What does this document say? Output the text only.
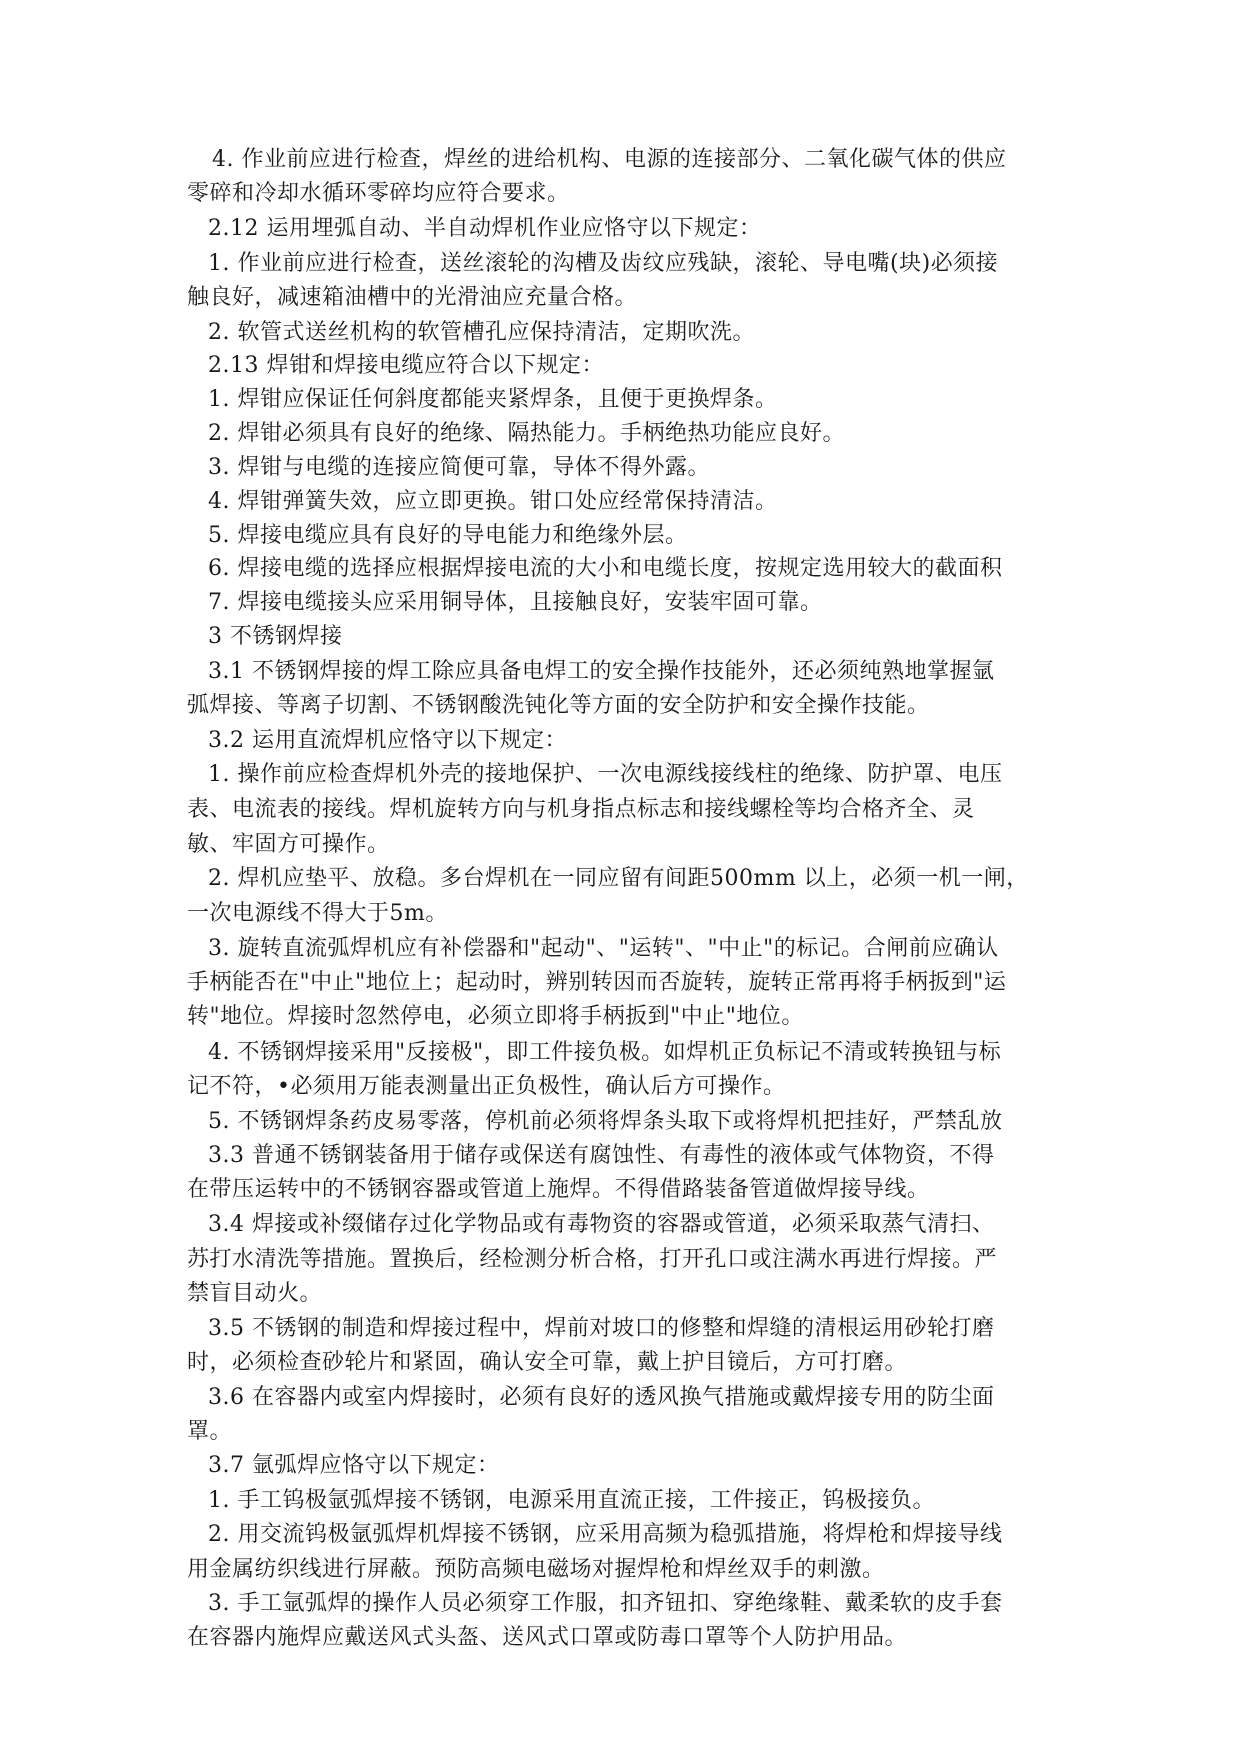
4. 作业前应进行检查，焊丝的进给机构、电源的连接部分、二氧化碳气体的供应
零碎和冷却水循环零碎均应符合要求。
2.12 运用埋弧自动、半自动焊机作业应恪守以下规定：
1. 作业前应进行检查，送丝滚轮的沟槽及齿纹应残缺，滚轮、导电嘴(块)必须接
触良好，减速箱油槽中的光滑油应充量合格。
2. 软管式送丝机构的软管槽孔应保持清洁，定期吹洗。
2.13 焊钳和焊接电缆应符合以下规定：
1. 焊钳应保证任何斜度都能夹紧焊条，且便于更换焊条。
2. 焊钳必须具有良好的绝缘、隔热能力。手柄绝热功能应良好。
3. 焊钳与电缆的连接应简便可靠，导体不得外露。
4. 焊钳弹簧失效，应立即更换。钳口处应经常保持清洁。
5. 焊接电缆应具有良好的导电能力和绝缘外层。
6. 焊接电缆的选择应根据焊接电流的大小和电缆长度，按规定选用较大的截面积
7. 焊接电缆接头应采用铜导体，且接触良好，安装牢固可靠。
3 不锈钢焊接
3.1 不锈钢焊接的焊工除应具备电焊工的安全操作技能外，还必须纯熟地掌握氩
弧焊接、等离子切割、不锈钢酸洗钝化等方面的安全防护和安全操作技能。
3.2 运用直流焊机应恪守以下规定：
1. 操作前应检查焊机外壳的接地保护、一次电源线接线柱的绝缘、防护罩、电压
表、电流表的接线。焊机旋转方向与机身指点标志和接线螺栓等均合格齐全、灵
敏、牢固方可操作。
2. 焊机应垫平、放稳。多台焊机在一同应留有间距500mm 以上，必须一机一闸，
一次电源线不得大于5m。
3. 旋转直流弧焊机应有补偿器和"起动"、"运转"、"中止"的标记。合闸前应确认
手柄能否在"中止"地位上；起动时，辨别转因而否旋转，旋转正常再将手柄扳到"运
转"地位。焊接时忽然停电，必须立即将手柄扳到"中止"地位。
4. 不锈钢焊接采用"反接极"，即工件接负极。如焊机正负标记不清或转换钮与标
记不符，•必须用万能表测量出正负极性，确认后方可操作。
5. 不锈钢焊条药皮易零落，停机前必须将焊条头取下或将焊机把挂好，严禁乱放
3.3 普通不锈钢装备用于储存或保送有腐蚀性、有毒性的液体或气体物资，不得
在带压运转中的不锈钢容器或管道上施焊。不得借路装备管道做焊接导线。
3.4 焊接或补缀储存过化学物品或有毒物资的容器或管道，必须采取蒸气清扫、
苏打水清洗等措施。置换后，经检测分析合格，打开孔口或注满水再进行焊接。严
禁盲目动火。
3.5 不锈钢的制造和焊接过程中，焊前对坡口的修整和焊缝的清根运用砂轮打磨
时，必须检查砂轮片和紧固，确认安全可靠，戴上护目镜后，方可打磨。
3.6 在容器内或室内焊接时，必须有良好的透风换气措施或戴焊接专用的防尘面
罩。
3.7 氩弧焊应恪守以下规定：
1. 手工钨极氩弧焊接不锈钢，电源采用直流正接，工件接正，钨极接负。
2. 用交流钨极氩弧焊机焊接不锈钢，应采用高频为稳弧措施，将焊枪和焊接导线
用金属纺织线进行屏蔽。预防高频电磁场对握焊枪和焊丝双手的刺激。
3. 手工氩弧焊的操作人员必须穿工作服，扣齐钮扣、穿绝缘鞋、戴柔软的皮手套
在容器内施焊应戴送风式头盔、送风式口罩或防毒口罩等个人防护用品。
